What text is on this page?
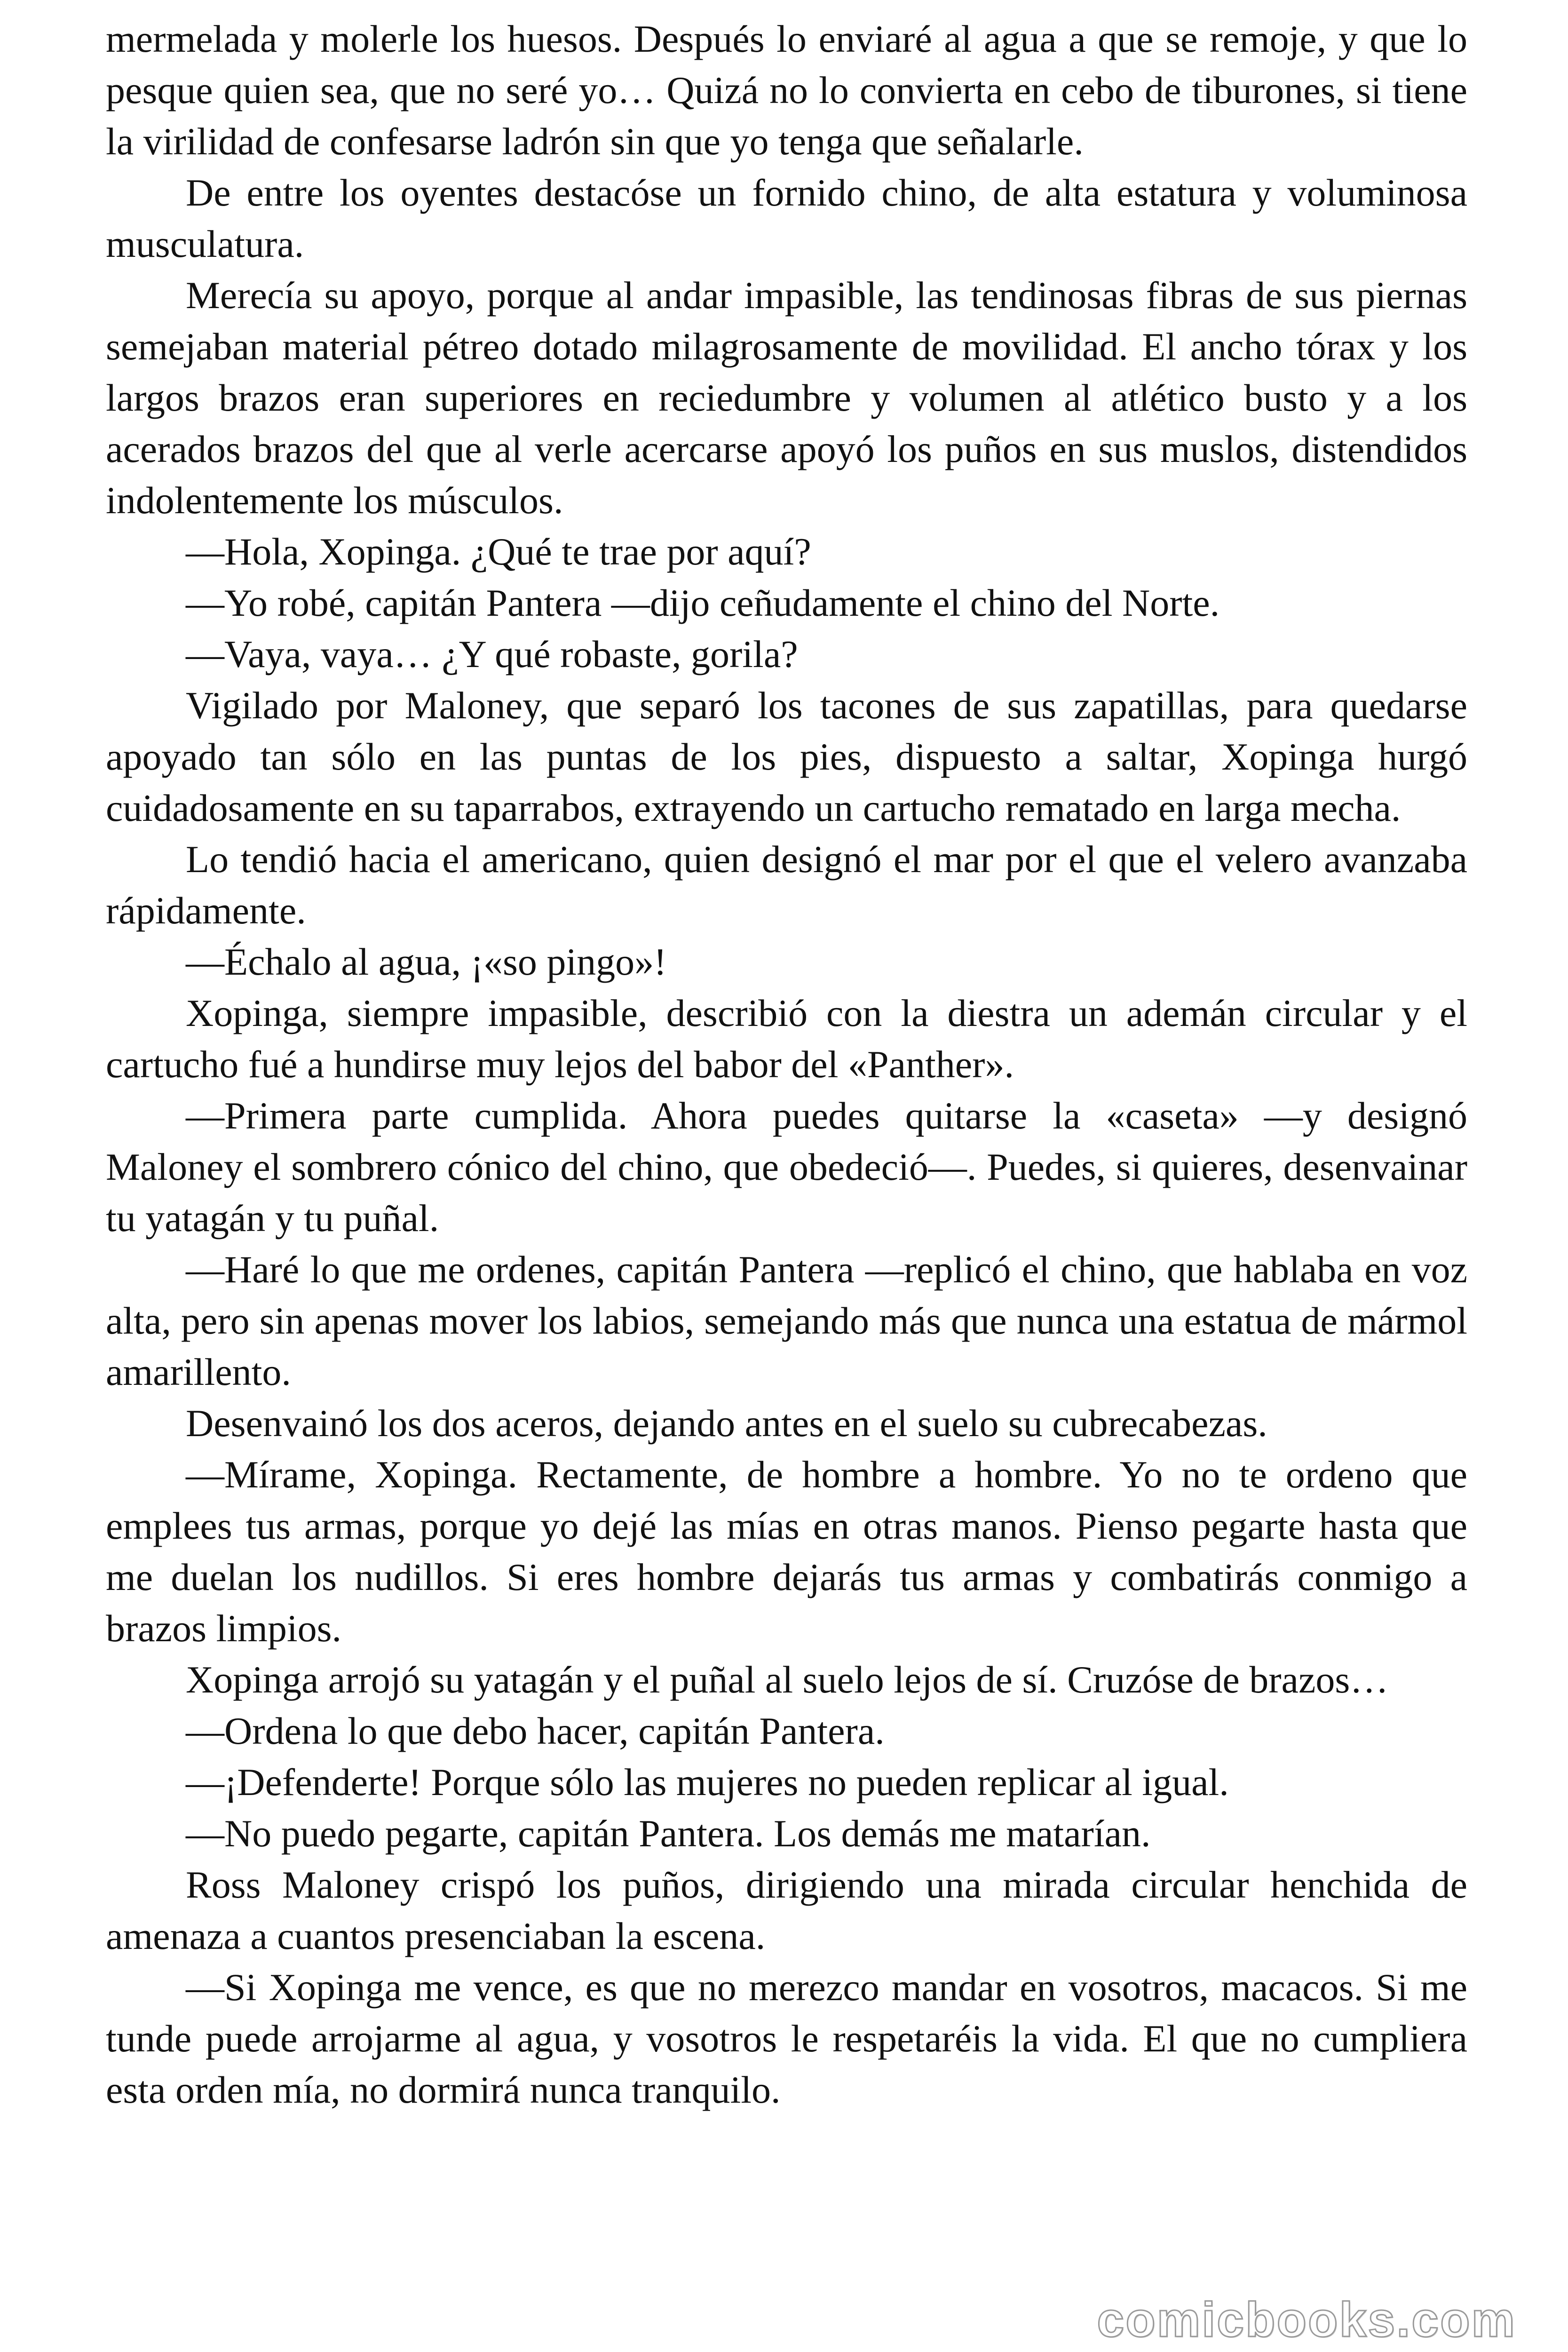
mermelada y molerle los huesos. Después lo enviaré al agua a que se remoje, y que lo pesque quien sea, que no seré yo… Quizá no lo convierta en cebo de tiburones, si tiene la virilidad de confesarse ladrón sin que yo tenga que señalarle.

De entre los oyentes destacóse un fornido chino, de alta estatura y voluminosa musculatura.

Merecía su apoyo, porque al andar impasible, las tendinosas fibras de sus piernas semejaban material pétreo dotado milagrosamente de movilidad. El ancho tórax y los largos brazos eran superiores en reciedumbre y volumen al atlético busto y a los acerados brazos del que al verle acercarse apoyó los puños en sus muslos, distendidos indolentemente los músculos.

—Hola, Xopinga. ¿Qué te trae por aquí?

—Yo robé, capitán Pantera —dijo ceñudamente el chino del Norte.

—Vaya, vaya… ¿Y qué robaste, gorila?

Vigilado por Maloney, que separó los tacones de sus zapatillas, para quedarse apoyado tan sólo en las puntas de los pies, dispuesto a saltar, Xopinga hurgó cuidadosamente en su taparrabos, extrayendo un cartucho rematado en larga mecha.

Lo tendió hacia el americano, quien designó el mar por el que el velero avanzaba rápidamente.

—Échalo al agua, ¡«so pingo»!

Xopinga, siempre impasible, describió con la diestra un ademán circular y el cartucho fué a hundirse muy lejos del babor del «Panther».

—Primera parte cumplida. Ahora puedes quitarse la «caseta» —y designó Maloney el sombrero cónico del chino, que obedeció—. Puedes, si quieres, desenvainar tu yatagán y tu puñal.

—Haré lo que me ordenes, capitán Pantera —replicó el chino, que hablaba en voz alta, pero sin apenas mover los labios, semejando más que nunca una estatua de mármol amarillento.

Desenvainó los dos aceros, dejando antes en el suelo su cubrecabezas.

—Mírame, Xopinga. Rectamente, de hombre a hombre. Yo no te ordeno que emplees tus armas, porque yo dejé las mías en otras manos. Pienso pegarte hasta que me duelan los nudillos. Si eres hombre dejarás tus armas y combatirás conmigo a brazos limpios.

Xopinga arrojó su yatagán y el puñal al suelo lejos de sí. Cruzóse de brazos…

—Ordena lo que debo hacer, capitán Pantera.

—¡Defenderte! Porque sólo las mujeres no pueden replicar al igual.

—No puedo pegarte, capitán Pantera. Los demás me matarían.

Ross Maloney crispó los puños, dirigiendo una mirada circular henchida de amenaza a cuantos presenciaban la escena.

—Si Xopinga me vence, es que no merezco mandar en vosotros, macacos. Si me tunde puede arrojarme al agua, y vosotros le respetaréis la vida. El que no cumpliera esta orden mía, no dormirá nunca tranquilo.

comicbooks.com
